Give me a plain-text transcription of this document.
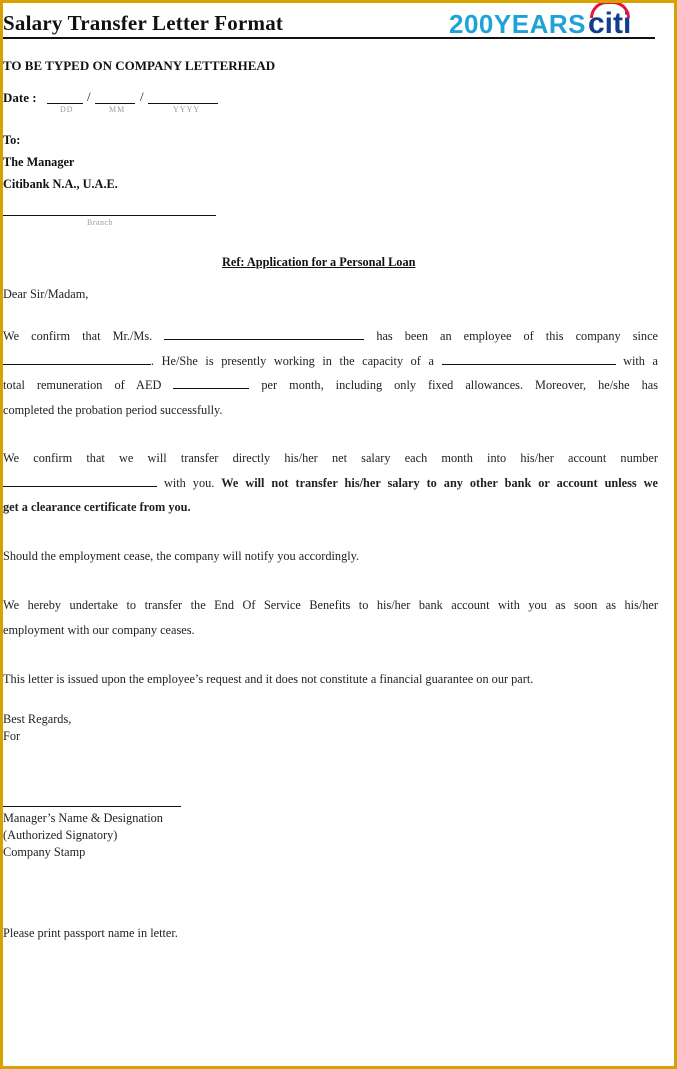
Salary Transfer Letter Format	200YEARS citi
TO BE TYPED ON COMPANY LETTERHEAD
Date :	/	/
DD	MM	YYYY
To:
The Manager
Citibank N.A., U.A.E.
Branch
Ref: Application for a Personal Loan
Dear Sir/Madam,
We confirm that Mr./Ms.	has been an employee of this company since
. He/She is presently working in the capacity of a	with a
total remuneration of AED	per month, including only fixed allowances. Moreover, he/she has
completed the probation period successfully.
We confirm that we will transfer directly his/her net salary each month into his/her account number
with you. We will not transfer his/her salary to any other bank or account unless we
get a clearance certificate from you.
Should the employment cease, the company will notify you accordingly.
We hereby undertake to transfer the End Of Service Benefits to his/her bank account with you as soon as his/her
employment with our company ceases.
This letter is issued upon the employee’s request and it does not constitute a financial guarantee on our part.
Best Regards,
For
Manager’s Name & Designation
(Authorized Signatory)
Company Stamp
Please print passport name in letter.
